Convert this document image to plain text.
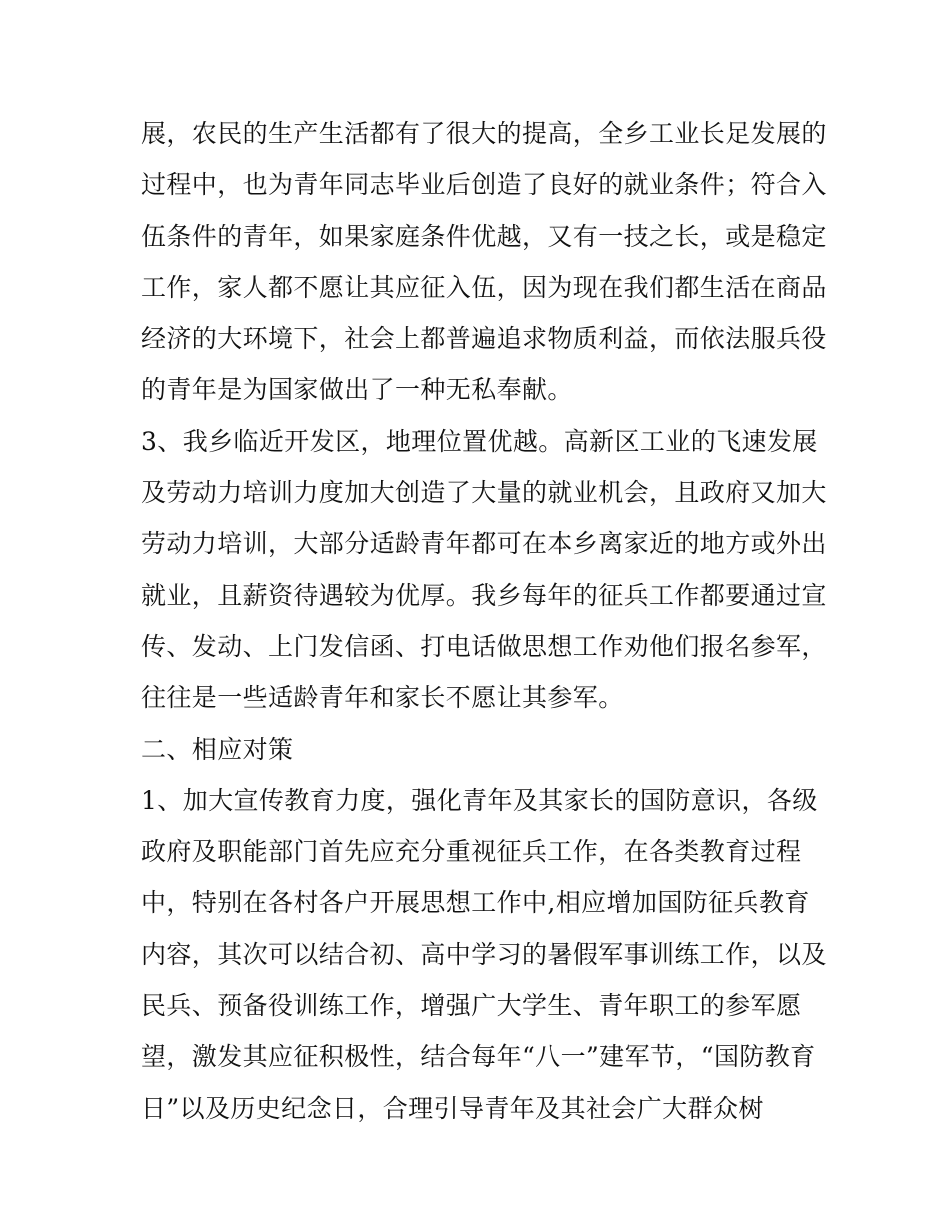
展，农民的生产生活都有了很大的提高，全乡工业长足发展的
过程中，也为青年同志毕业后创造了良好的就业条件；符合入
伍条件的青年，如果家庭条件优越，又有一技之长，或是稳定
工作，家人都不愿让其应征入伍，因为现在我们都生活在商品
经济的大环境下，社会上都普遍追求物质利益，而依法服兵役
的青年是为国家做出了一种无私奉献。
3、我乡临近开发区，地理位置优越。高新区工业的飞速发展
及劳动力培训力度加大创造了大量的就业机会，且政府又加大
劳动力培训，大部分适龄青年都可在本乡离家近的地方或外出
就业，且薪资待遇较为优厚。我乡每年的征兵工作都要通过宣
传、发动、上门发信函、打电话做思想工作劝他们报名参军，
往往是一些适龄青年和家长不愿让其参军。
二、相应对策
1、加大宣传教育力度，强化青年及其家长的国防意识，各级
政府及职能部门首先应充分重视征兵工作，在各类教育过程
中，特别在各村各户开展思想工作中,相应增加国防征兵教育
内容，其次可以结合初、高中学习的暑假军事训练工作，以及
民兵、预备役训练工作，增强广大学生、青年职工的参军愿
望，激发其应征积极性，结合每年“八一”建军节，“国防教育
日”以及历史纪念日，合理引导青年及其社会广大群众树
